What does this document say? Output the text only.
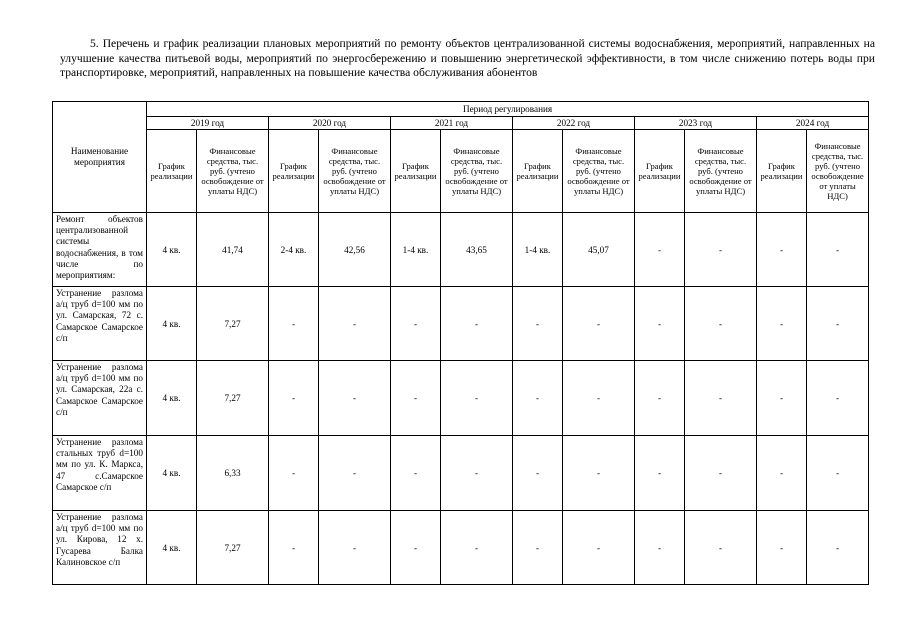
5. Перечень и график реализации плановых мероприятий по ремонту объектов централизованной системы водоснабжения, мероприятий, направленных на улучшение качества питьевой воды, мероприятий по энергосбережению и повышению энергетической эффективности, в том числе снижению потерь воды при транспортировке, мероприятий, направленных на повышение качества обслуживания абонентов
Наименование мероприятия	Период регулирования											
	2019 год		2020 год		2021 год		2022 год		2023 год		2024 год	
	График реализации	Финансовые средства, тыс. руб. (учтено освобождение от уплаты НДС)	График реализации	Финансовые средства, тыс. руб. (учтено освобождение от уплаты НДС)	График реализации	Финансовые средства, тыс. руб. (учтено освобождение от уплаты НДС)	График реализации	Финансовые средства, тыс. руб. (учтено освобождение от уплаты НДС)	График реализации	Финансовые средства, тыс. руб. (учтено освобождение от уплаты НДС)	График реализации	Финансовые средства, тыс. руб. (учтено освобождение от уплаты НДС)
Ремонт объектов централизованной системы водоснабжения, в том числе по мероприятиям:	4 кв.	41,74	2-4 кв.	42,56	1-4 кв.	43,65	1-4 кв.	45,07	-	-	-	-
Устранение разлома а/ц труб d=100 мм по ул. Самарская, 72 с. Самарское Самарское с/п	4 кв.	7,27	-	-	-	-	-	-	-	-	-	-
Устранение разлома а/ц труб d=100 мм по ул. Самарская, 22а с. Самарское Самарское с/п	4 кв.	7,27	-	-	-	-	-	-	-	-	-	-
Устранение разлома стальных труб d=100 мм по ул. К. Маркса, 47 с.Самарское Самарское с/п	4 кв.	6,33	-	-	-	-	-	-	-	-	-	-
Устранение разлома а/ц труб d=100 мм по ул. Кирова, 12 х. Гусарева Балка Калиновское с/п	4 кв.	7,27	-	-	-	-	-	-	-	-	-	-
